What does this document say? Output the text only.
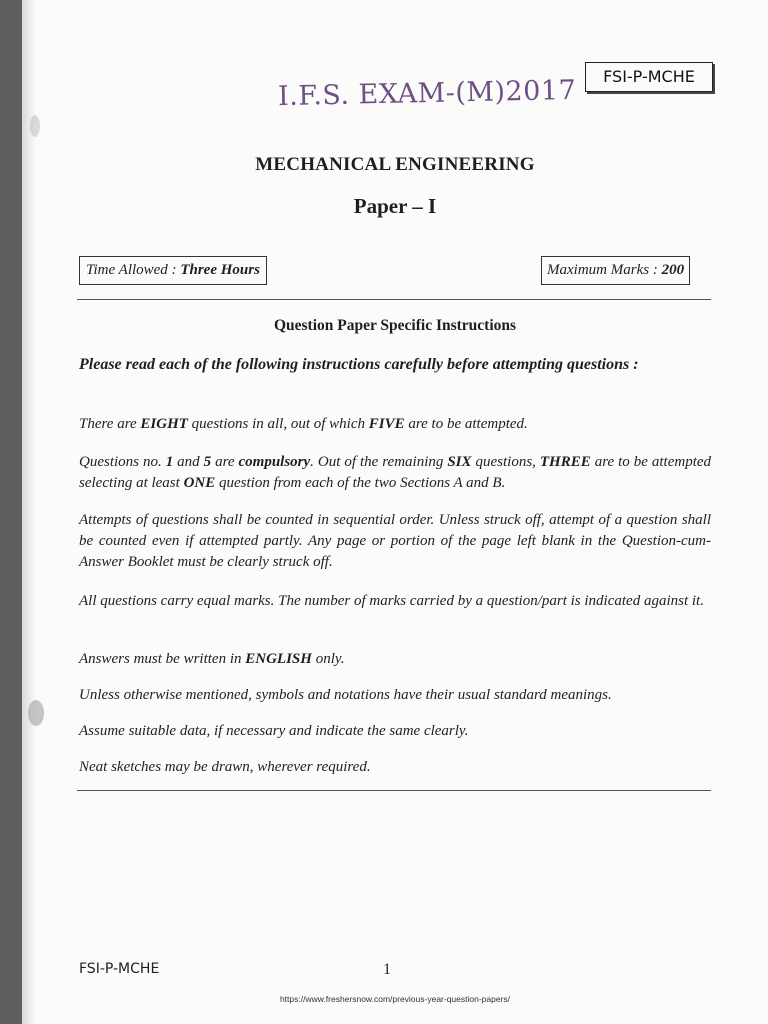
I.F.S. EXAM-(M)2017	FSI-P-MCHE
MECHANICAL ENGINEERING
Paper – I
Time Allowed : Three Hours	Maximum Marks : 200
Question Paper Specific Instructions
Please read each of the following instructions carefully before attempting questions :
There are EIGHT questions in all, out of which FIVE are to be attempted.
Questions no. 1 and 5 are compulsory. Out of the remaining SIX questions, THREE are to be attempted selecting at least ONE question from each of the two Sections A and B.
Attempts of questions shall be counted in sequential order. Unless struck off, attempt of a question shall be counted even if attempted partly. Any page or portion of the page left blank in the Question-cum-Answer Booklet must be clearly struck off.
All questions carry equal marks. The number of marks carried by a question/part is indicated against it.
Answers must be written in ENGLISH only.
Unless otherwise mentioned, symbols and notations have their usual standard meanings.
Assume suitable data, if necessary and indicate the same clearly.
Neat sketches may be drawn, wherever required.
FSI-P-MCHE	1
https://www.freshersnow.com/previous-year-question-papers/
